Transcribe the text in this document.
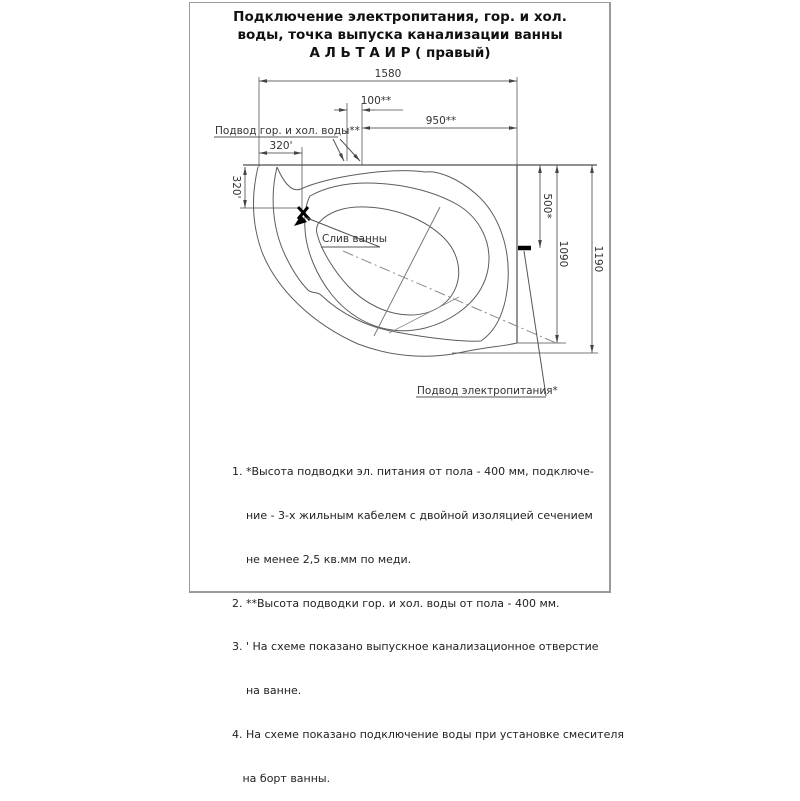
Подключение электропитания, гор. и хол.
воды, точка выпуска канализации ванны
А Л Ь Т А И Р ( правый)
1580
100**
950**
320'
320'
500*
1090 1190
Подвод гор. и хол. воды**
Слив ванны
Подвод электропитания*

1. *Высота подводки эл. питания от пола - 400 мм, подключе-

ние - 3-х жильным кабелем с двойной изоляцией сечением

не менее 2,5 кв.мм по меди.

2. **Высота подводки гор. и хол. воды от пола - 400 мм.

3. ' На схеме показано выпускное канализационное отверстие

на ванне.

4. На схеме показано подключение воды при установке смесителя

на борт ванны.
